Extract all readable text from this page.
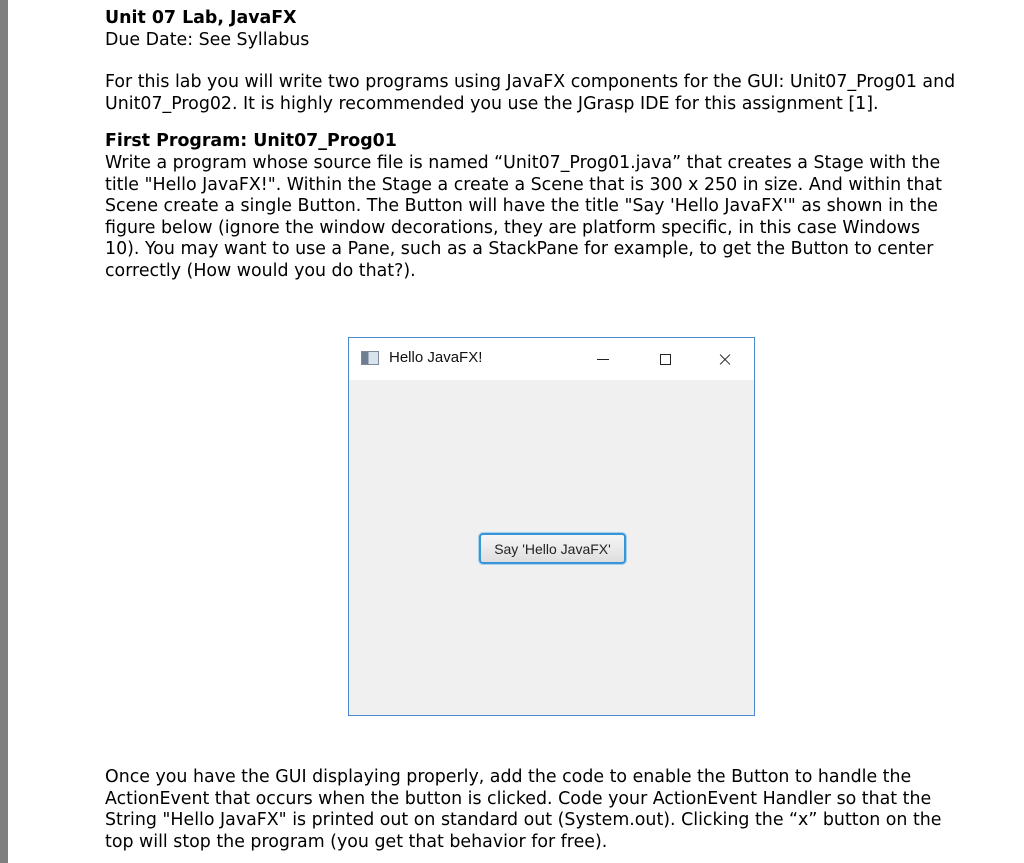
Unit 07 Lab, JavaFX

Due Date: See Syllabus

For this lab you will write two programs using JavaFX components for the GUI: Unit07_Prog01 and

Unit07_Prog02. It is highly recommended you use the JGrasp IDE for this assignment [1].

First Program: Unit07_Prog01

Write a program whose source file is named “Unit07_Prog01.java” that creates a Stage with the

title "Hello JavaFX!". Within the Stage a create a Scene that is 300 x 250 in size. And within that

Scene create a single Button. The Button will have the title "Say 'Hello JavaFX'" as shown in the

figure below (ignore the window decorations, they are platform specific, in this case Windows

10). You may want to use a Pane, such as a StackPane for example, to get the Button to center

correctly (How would you do that?).

Hello JavaFX!
Say 'Hello JavaFX'

Once you have the GUI displaying properly, add the code to enable the Button to handle the

ActionEvent that occurs when the button is clicked. Code your ActionEvent Handler so that the

String "Hello JavaFX" is printed out on standard out (System.out). Clicking the “x” button on the

top will stop the program (you get that behavior for free).
